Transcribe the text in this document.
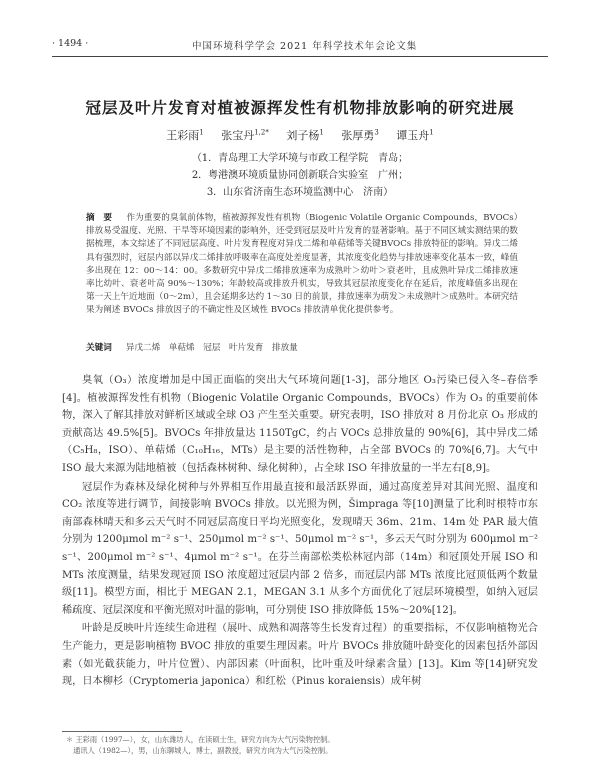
· 1494 ·	中国环境科学学会 2021 年科学技术年会论文集
冠层及叶片发育对植被源挥发性有机物排放影响的研究进展
王彩雨$^1$ 张宝丹$^{1,2*}$ 刘子杨$^1$ 张厚勇$^3$ 谭玉舟$^1$
（1．青岛理工大学环境与市政工程学院　青岛；
2．粤港澳环境质量协同创新联合实验室　广州；
3．山东省济南生态环境监测中心　济南）
摘　要 　 作为重要的臭氧前体物，植被源挥发性有机物（Biogenic Volatile Organic Compounds，BVOCs）排放易受温度、光照、干旱等环境因素的影响外，还受到冠层及叶片发育的显著影响。基于不同区域实测结果的数据梳理，本文综述了不同冠层高度、叶片发育程度对异戊二烯和单萜烯等关键BVOCs 排放特征的影响。异戊二烯具有强烈时，冠层内部以异戊二烯排放呼吸率在高度处差度显著，其浓度变化趋势与排放速率变化基本一致，峰值多出现在 12：00～14：00。多数研究中异戊二烯排放速率为成熟叶＞幼叶＞衰老叶，且成熟叶异戊二烯排放速率比幼叶、衰老叶高 90%～130%；年龄较高或排放升机实，导致其冠层浓度变化存在延后，浓度峰值多出现在第一天上午近地面（0～2m），且会延期多达约 1～30 日的前景，排放速率为萌发＞未成熟叶＞成熟叶。本研究结果为阐述 BVOCs 排放因子的不确定性及区域性 BVOCs 排放清单优化提供参考。
关键词 　 异戊二烯　单萜烯　冠层　叶片发育　排放量

臭氧（O₃）浓度增加是中国正面临的突出大气环境问题[1-3]，部分地区 O₃污染已侵入冬–春倍季[4]。植被源挥发性有机物（Biogenic Volatile Organic Compounds，BVOCs）作为 O₃ 的重要前体物，深入了解其排放对鲜析区域或全球 O3 产生至关重要。研究表明，ISO 排放对 8 月份北京 O₃ 形成的贡献高达 49.5%[5]。BVOCs 年排放量达 1150TgC，约占 VOCs 总排放量的 90%[6]，其中异戊二烯（C₅H₈，ISO）、单萜烯（C₁₀H₁₆，MTs）是主要的活性物种，占全部 BVOCs 的 70%[6,7]。大气中 ISO 最大来源为陆地植被（包括森林树种、绿化树种），占全球 ISO 年排放量的一半左右[8,9]。

冠层作为森林及绿化树种与外界相互作用最直接和最活跃界面，通过高度差异对其间光照、温度和 CO₂ 浓度等进行调节，间接影响 BVOCs 排放。以光照为例，Šimpraga 等[10]测量了比利时根特市东南部森林晴天和多云天气时不同冠层高度日平均光照变化，发现晴天 36m、21m、14m 处 PAR 最大值分别为 1200μmol m⁻² s⁻¹、250μmol m⁻² s⁻¹、50μmol m⁻² s⁻¹，多云天气时分别为 600μmol m⁻² s⁻¹、200μmol m⁻² s⁻¹、4μmol m⁻² s⁻¹。在芬兰南部松类松林冠内部（14m）和冠顶处开展 ISO 和 MTs 浓度测量，结果发现冠顶 ISO 浓度超过冠层内部 2 倍多，而冠层内部 MTs 浓度比冠顶低两个数量级[11]。模型方面，相比于 MEGAN 2.1，MEGAN 3.1 从多个方面优化了冠层环境模型，如纳入冠层稀疏度、冠层深度和平衡光照对叶温的影响，可分别使 ISO 排放降低 15%～20%[12]。

叶龄是反映叶片连续生命进程（展叶、成熟和凋落等生长发育过程）的重要指标，不仅影响植物光合生产能力，更是影响植物 BVOC 排放的重要生理因素。叶片 BVOCs 排放随叶龄变化的因素包括外部因素（如光截获能力，叶片位置）、内部因素（叶面积，比叶重及叶绿素含量）[13]。Kim 等[14]研究发现，日本柳杉（Cryptomeria japonica）和红松（Pinus koraiensis）成年树

＊ 王彩雨（1997—），女，山东潍坊人，在读硕士生，研究方向为大气污染物控制。
　通讯人（1982—），男，山东聊城人，博士，副教授，研究方向为大气污染控制。
